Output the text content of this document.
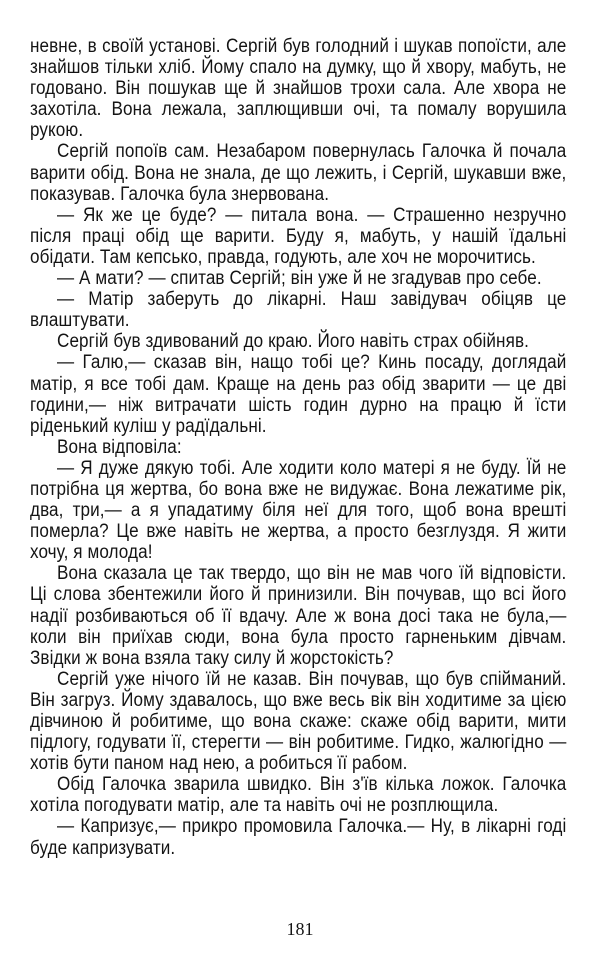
невне, в своїй установі. Сергій був голодний і шукав попоїсти, але знайшов тільки хліб. Йому спало на думку, що й хвору, мабуть, не годовано. Він пошукав ще й знайшов трохи сала. Але хвора не захотіла. Вона лежала, заплющивши очі, та помалу ворушила рукою.

Сергій попоїв сам. Незабаром повернулась Галочка й почала варити обід. Вона не знала, де що лежить, і Сергій, шукавши вже, показував. Галочка була знервована.

— Як же це буде? — питала вона. — Страшенно незручно після праці обід ще варити. Буду я, мабуть, у нашій їдальні обідати. Там кепсько, правда, годують, але хоч не морочитись.

— А мати? — спитав Сергій; він уже й не згадував про себе.

— Матір заберуть до лікарні. Наш завідувач обіцяв це влаштувати.

Сергій був здивований до краю. Його навіть страх обійняв.

— Галю,— сказав він, нащо тобі це? Кинь посаду, доглядай матір, я все тобі дам. Краще на день раз обід зварити — це дві години,— ніж витрачати шість годин дурно на працю й їсти ріденький куліш у радїдальні.

Вона відповіла:

— Я дуже дякую тобі. Але ходити коло матері я не буду. Їй не потрібна ця жертва, бо вона вже не видужає. Вона лежатиме рік, два, три,— а я упадатиму біля неї для того, щоб вона врешті померла? Це вже навіть не жертва, а просто безглуздя. Я жити хочу, я молода!

Вона сказала це так твердо, що він не мав чого їй відповісти. Ці слова збентежили його й принизили. Він почував, що всі його надії розбиваються об її вдачу. Але ж вона досі така не була,— коли він приїхав сюди, вона була просто гарненьким дівчам. Звідки ж вона взяла таку силу й жорстокість?

Сергій уже нічого їй не казав. Він почував, що був спійманий. Він загруз. Йому здавалось, що вже весь вік він ходитиме за цією дівчиною й робитиме, що вона скаже: скаже обід варити, мити підлогу, годувати її, стерегти — він робитиме. Гидко, жалюгідно — хотів бути паном над нею, а робиться її рабом.

Обід Галочка зварила швидко. Він з'їв кілька ложок. Галочка хотіла погодувати матір, але та навіть очі не розплющила.

— Капризує,— прикро промовила Галочка.— Ну, в лікарні годі буде капризувати.

181
